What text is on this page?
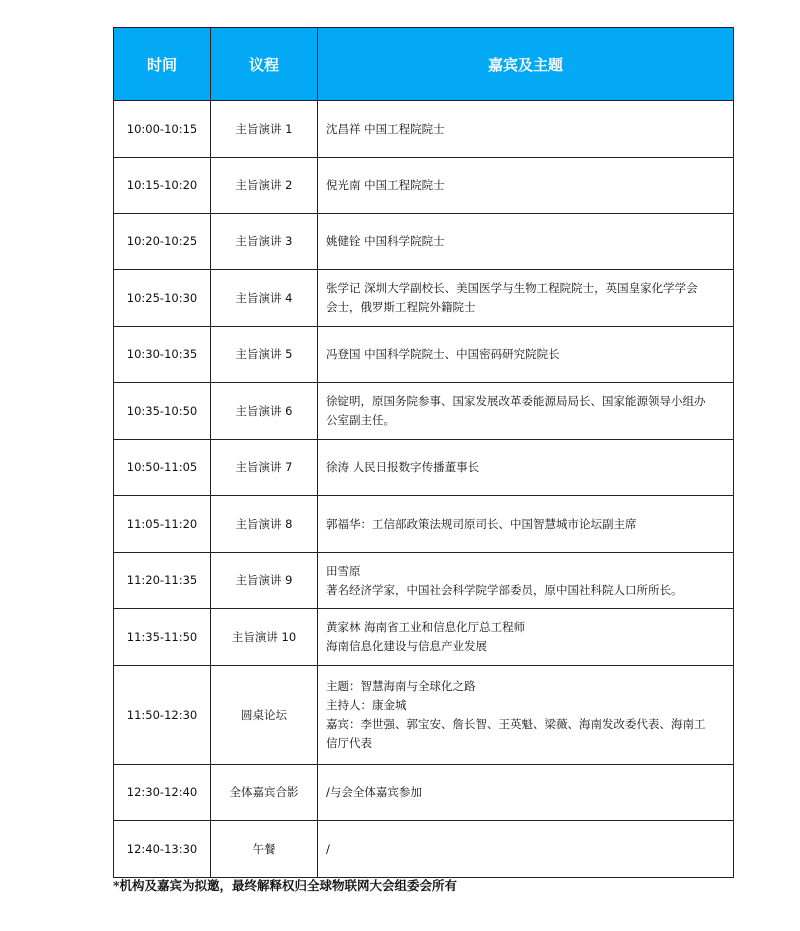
时间	议程	嘉宾及主题
10:00-10:15	主旨演讲 1	沈昌祥 中国工程院院士

10:15-10:20	主旨演讲 2	倪光南 中国工程院院士

10:20-10:25	主旨演讲 3	姚健铨 中国科学院院士

10:25-10:30	主旨演讲 4	张学记 深圳大学副校长、美国医学与生物工程院院士，英国皇家化学学会
会士，俄罗斯工程院外籍院士

10:30-10:35	主旨演讲 5	冯登国 中国科学院院士、中国密码研究院院长

10:35-10:50	主旨演讲 6	徐锭明，原国务院参事、国家发展改革委能源局局长、国家能源领导小组办
公室副主任。

10:50-11:05	主旨演讲 7	徐涛 人民日报数字传播董事长

11:05-11:20	主旨演讲 8	郭福华：工信部政策法规司原司长、中国智慧城市论坛副主席

11:20-11:35	主旨演讲 9	田雪原
著名经济学家，中国社会科学院学部委员，原中国社科院人口所所长。

11:35-11:50	主旨演讲 10	黄家林 海南省工业和信息化厅总工程师
海南信息化建设与信息产业发展

11:50-12:30	圆桌论坛	主题：智慧海南与全球化之路
主持人：康金城
嘉宾：李世强、郭宝安、詹长智、王英魁、梁薇、海南发改委代表、海南工
信厅代表

12:30-12:40	全体嘉宾合影	/与会全体嘉宾参加

12:40-13:30	午餐	/
*机构及嘉宾为拟邀，最终解释权归全球物联网大会组委会所有
